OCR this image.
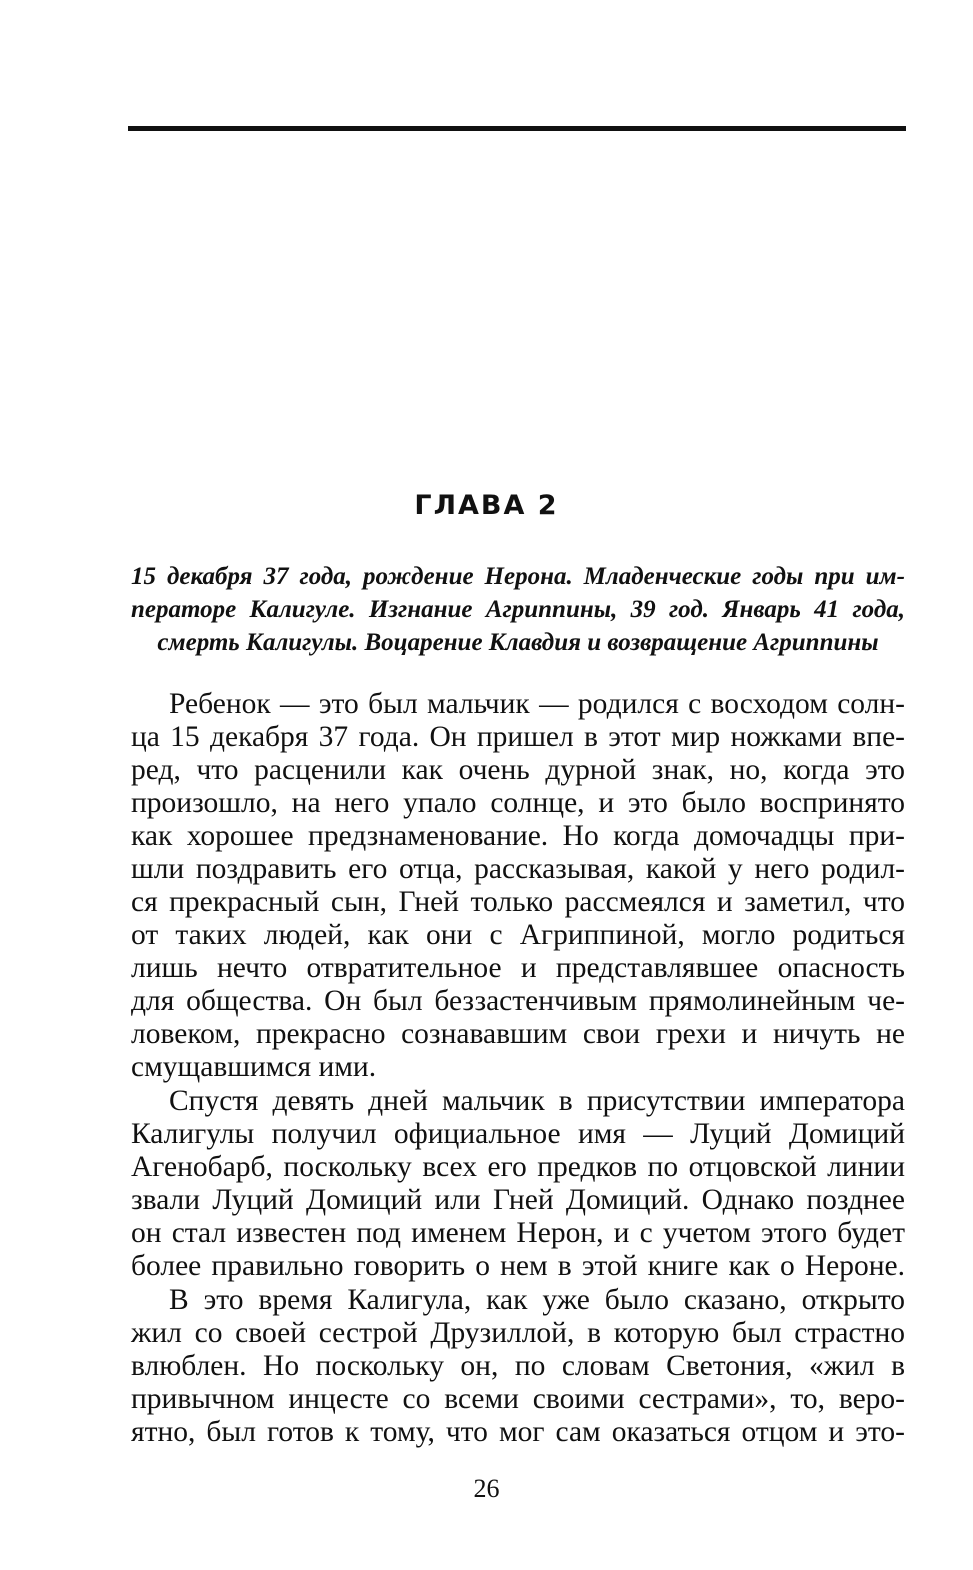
ГЛАВА 2
15 декабря 37 года, рождение Нерона. Младенческие годы при им-
ператоре Калигуле. Изгнание Агриппины, 39 год. Январь 41 года,
смерть Калигулы. Воцарение Клавдия и возвращение Агриппины
Ребенок — это был мальчик — родился с восходом солн-
ца 15 декабря 37 года. Он пришел в этот мир ножками впе-
ред, что расценили как очень дурной знак, но, когда это
произошло, на него упало солнце, и это было воспринято
как хорошее предзнаменование. Но когда домочадцы при-
шли поздравить его отца, рассказывая, какой у него родил-
ся прекрасный сын, Гней только рассмеялся и заметил, что
от таких людей, как они с Агриппиной, могло родиться
лишь нечто отвратительное и представлявшее опасность
для общества. Он был беззастенчивым прямолинейным че-
ловеком, прекрасно сознававшим свои грехи и ничуть не
смущавшимся ими.
Спустя девять дней мальчик в присутствии императора
Калигулы получил официальное имя — Луций Домиций
Агенобарб, поскольку всех его предков по отцовской линии
звали Луций Домиций или Гней Домиций. Однако позднее
он стал известен под именем Нерон, и с учетом этого будет
более правильно говорить о нем в этой книге как о Нероне.
В это время Калигула, как уже было сказано, открыто
жил со своей сестрой Друзиллой, в которую был страстно
влюблен. Но поскольку он, по словам Светония, «жил в
привычном инцесте со всеми своими сестрами», то, веро-
ятно, был готов к тому, что мог сам оказаться отцом и это-
26
